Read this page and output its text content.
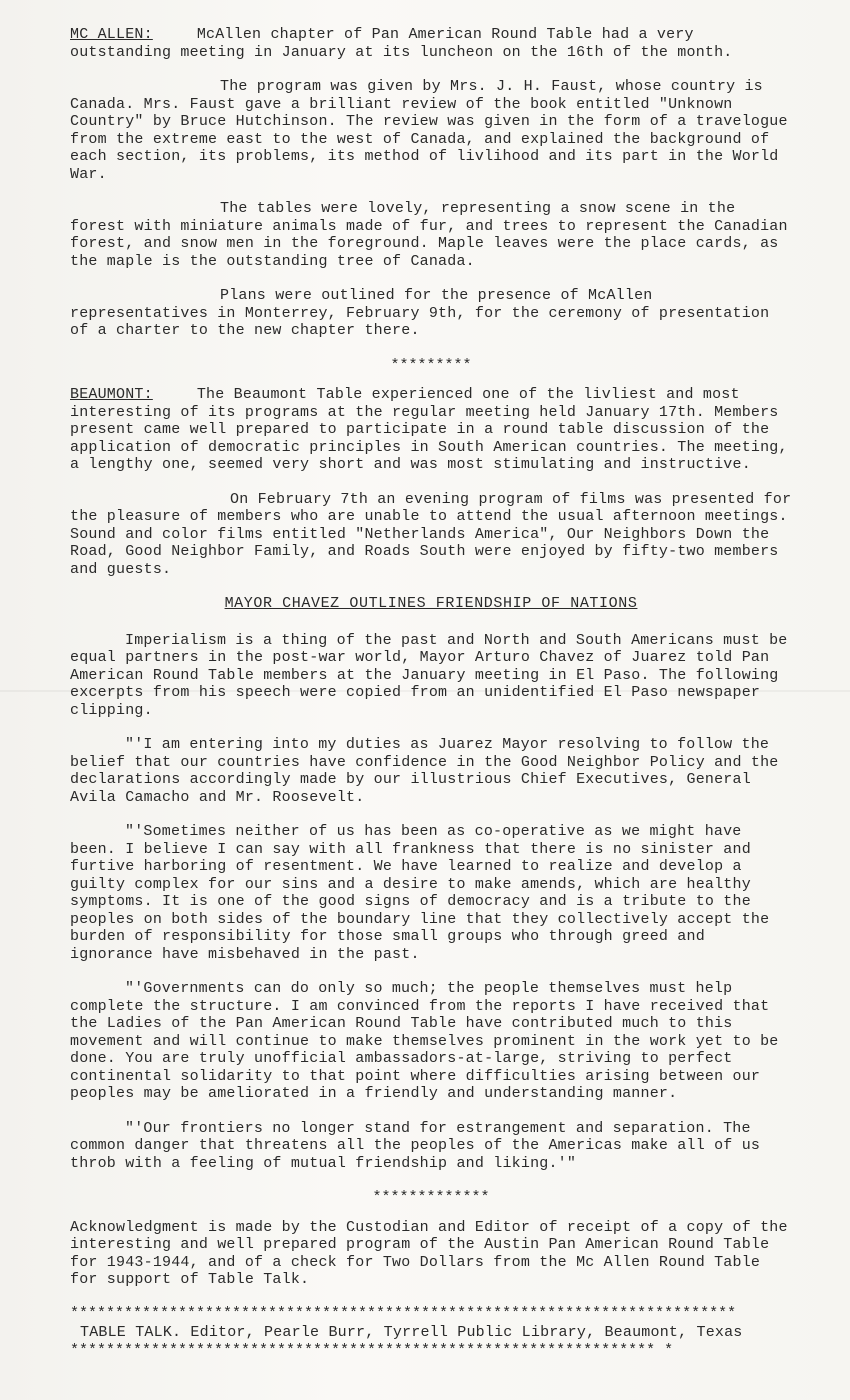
MC ALLEN:	McAllen chapter of Pan American Round Table had a very outstanding meeting in January at its luncheon on the 16th of the month.

The program was given by Mrs. J. H. Faust, whose country is Canada. Mrs. Faust gave a brilliant review of the book entitled "Unknown Country" by Bruce Hutchinson. The review was given in the form of a travelogue from the extreme east to the west of Canada, and explained the background of each section, its problems, its method of livlihood and its part in the World War.

The tables were lovely, representing a snow scene in the forest with miniature animals made of fur, and trees to represent the Canadian forest, and snow men in the foreground. Maple leaves were the place cards, as the maple is the outstanding tree of Canada.

Plans were outlined for the presence of McAllen representatives in Monterrey, February 9th, for the ceremony of presentation of a charter to the new chapter there.

*********

BEAUMONT:	The Beaumont Table experienced one of the livliest and most interesting of its programs at the regular meeting held January 17th. Members present came well prepared to participate in a round table discussion of the application of democratic principles in South American countries. The meeting, a lengthy one, seemed very short and was most stimulating and instructive.

On February 7th an evening program of films was presented for the pleasure of members who are unable to attend the usual afternoon meetings. Sound and color films entitled "Netherlands America", Our Neighbors Down the Road, Good Neighbor Family, and Roads South were enjoyed by fifty-two members and guests.

MAYOR CHAVEZ OUTLINES FRIENDSHIP OF NATIONS

Imperialism is a thing of the past and North and South Americans must be equal partners in the post-war world, Mayor Arturo Chavez of Juarez told Pan American Round Table members at the January meeting in El Paso. The following excerpts from his speech were copied from an unidentified El Paso newspaper clipping.

"'I am entering into my duties as Juarez Mayor resolving to follow the belief that our countries have confidence in the Good Neighbor Policy and the declarations accordingly made by our illustrious Chief Executives, General Avila Camacho and Mr. Roosevelt.

"'Sometimes neither of us has been as co-operative as we might have been. I believe I can say with all frankness that there is no sinister and furtive harboring of resentment. We have learned to realize and develop a guilty complex for our sins and a desire to make amends, which are healthy symptoms. It is one of the good signs of democracy and is a tribute to the peoples on both sides of the boundary line that they collectively accept the burden of responsibility for those small groups who through greed and ignorance have misbehaved in the past.

"'Governments can do only so much; the people themselves must help complete the structure. I am convinced from the reports I have received that the Ladies of the Pan American Round Table have contributed much to this movement and will continue to make themselves prominent in the work yet to be done. You are truly unofficial ambassadors-at-large, striving to perfect continental solidarity to that point where difficulties arising between our peoples may be ameliorated in a friendly and understanding manner.

"'Our frontiers no longer stand for estrangement and separation. The common danger that threatens all the peoples of the Americas make all of us throb with a feeling of mutual friendship and liking.'"

*************

Acknowledgment is made by the Custodian and Editor of receipt of a copy of the interesting and well prepared program of the Austin Pan American Round Table for 1943-1944, and of a check for Two Dollars from the Mc Allen Round Table for support of Table Talk.

**************************************************************************

TABLE TALK. Editor, Pearle Burr, Tyrrell Public Library, Beaumont, Texas

***************************************************************** *
